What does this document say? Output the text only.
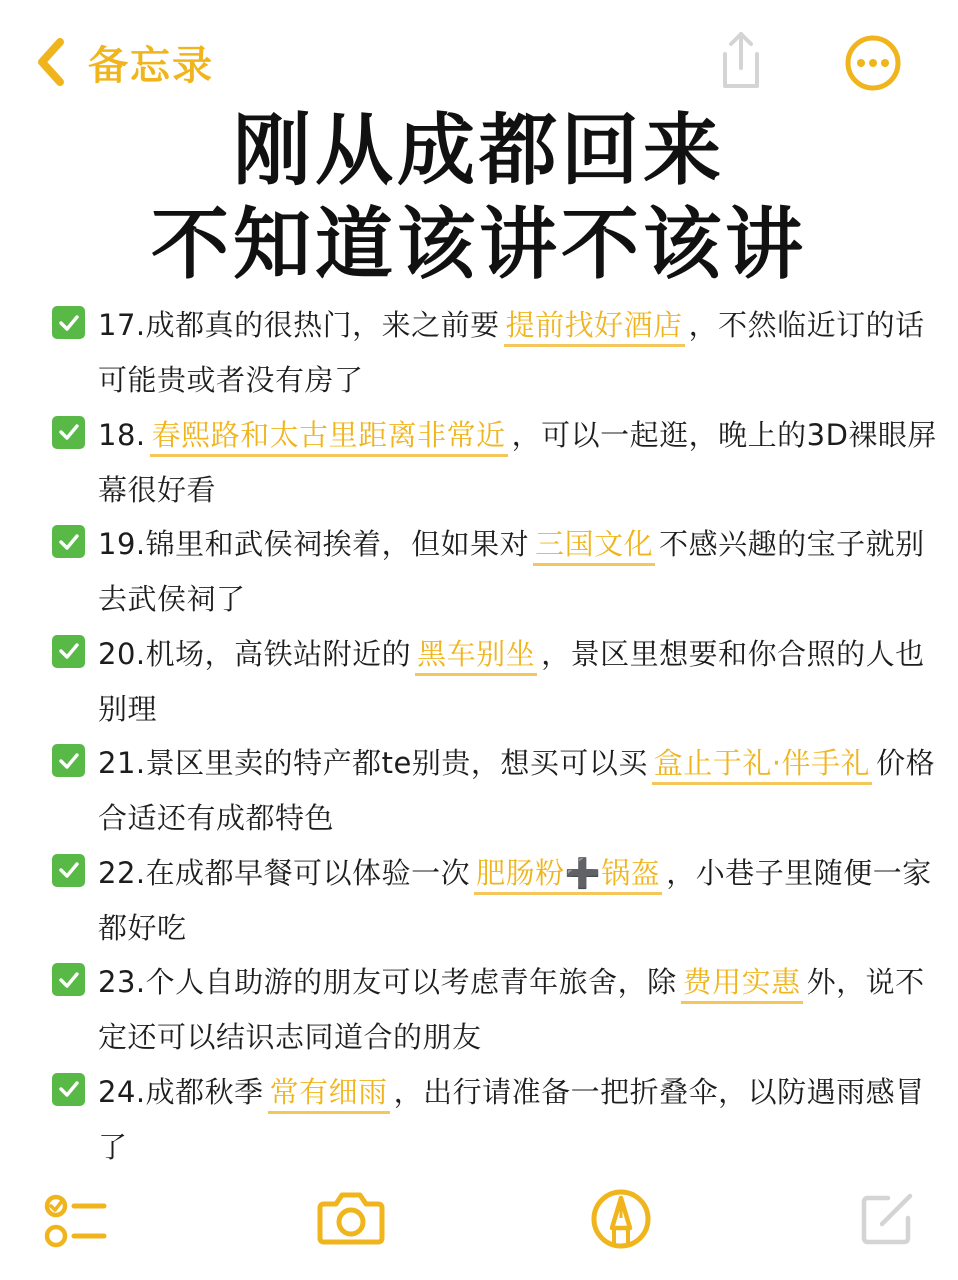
备忘录
刚从成都回来
不知道该讲不该讲
17.成都真的很热门，来之前要 提前找好酒店 ，不然临近订的话可能贵或者没有房了
18. 春熙路和太古里距离非常近 ，可以一起逛，晚上的3D裸眼屏幕很好看
19.锦里和武侯祠挨着，但如果对 三国文化 不感兴趣的宝子就别去武侯祠了
20.机场，高铁站附近的 黑车别坐 ，景区里想要和你合照的人也别理
21.景区里卖的特产都te别贵，想买可以买 盒止于礼·伴手礼 价格合适还有成都特色
22.在成都早餐可以体验一次 肥肠粉➕锅盔 ，小巷子里随便一家都好吃
23.个人自助游的朋友可以考虑青年旅舍，除 费用实惠 外，说不定还可以结识志同道合的朋友
24.成都秋季 常有细雨 ，出行请准备一把折叠伞，以防遇雨感冒了
